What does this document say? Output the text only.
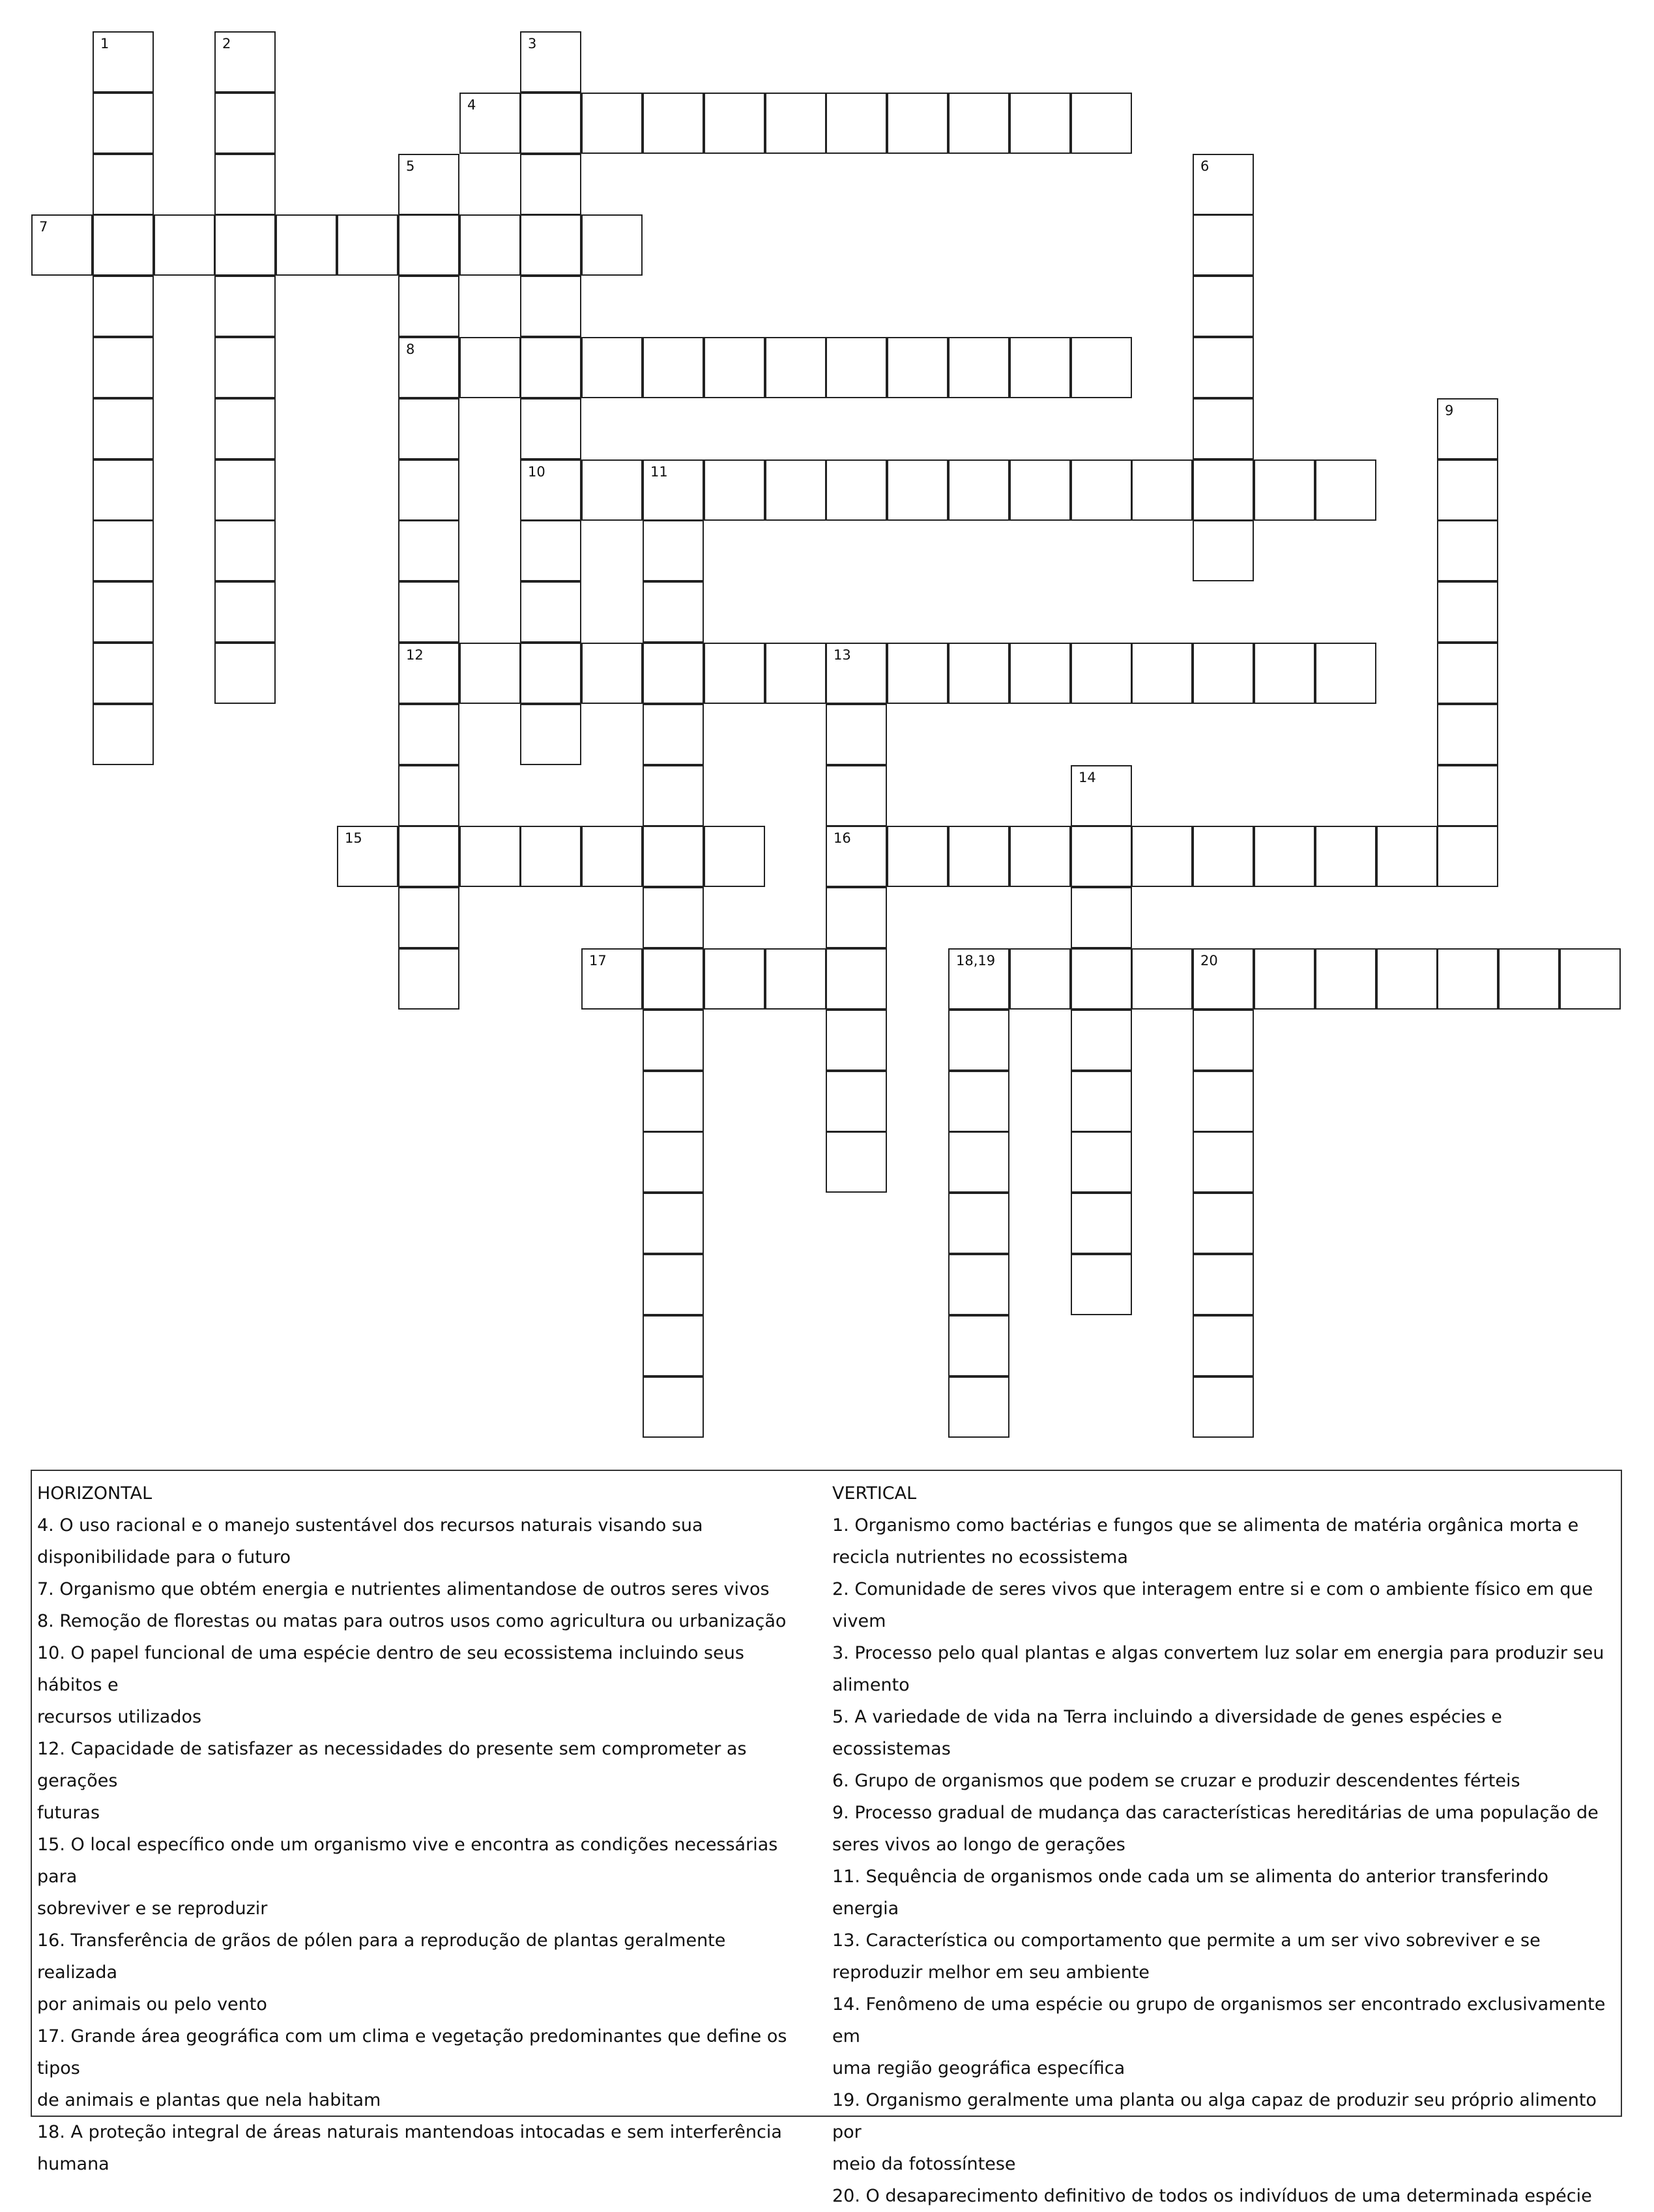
1	2	3
10
4
5
8
12
6
7
9
11
13
16
14
15
17	18,19	20
HORIZONTAL
4. O uso racional e o manejo sustentável dos recursos naturais visando sua
disponibilidade para o futuro
7. Organismo que obtém energia e nutrientes alimentandose de outros seres vivos
8. Remoção de florestas ou matas para outros usos como agricultura ou urbanização
10. O papel funcional de uma espécie dentro de seu ecossistema incluindo seus hábitos e
recursos utilizados
12. Capacidade de satisfazer as necessidades do presente sem comprometer as gerações
futuras
15. O local específico onde um organismo vive e encontra as condições necessárias para
sobreviver e se reproduzir
16. Transferência de grãos de pólen para a reprodução de plantas geralmente realizada
por animais ou pelo vento
17. Grande área geográfica com um clima e vegetação predominantes que define os tipos
de animais e plantas que nela habitam
18. A proteção integral de áreas naturais mantendoas intocadas e sem interferência
humana
VERTICAL
1. Organismo como bactérias e fungos que se alimenta de matéria orgânica morta e
recicla nutrientes no ecossistema
2. Comunidade de seres vivos que interagem entre si e com o ambiente físico em que
vivem
3. Processo pelo qual plantas e algas convertem luz solar em energia para produzir seu
alimento
5. A variedade de vida na Terra incluindo a diversidade de genes espécies e ecossistemas
6. Grupo de organismos que podem se cruzar e produzir descendentes férteis
9. Processo gradual de mudança das características hereditárias de uma população de
seres vivos ao longo de gerações
11. Sequência de organismos onde cada um se alimenta do anterior transferindo energia
13. Característica ou comportamento que permite a um ser vivo sobreviver e se
reproduzir melhor em seu ambiente
14. Fenômeno de uma espécie ou grupo de organismos ser encontrado exclusivamente em
uma região geográfica específica
19. Organismo geralmente uma planta ou alga capaz de produzir seu próprio alimento por
meio da fotossíntese
20. O desaparecimento definitivo de todos os indivíduos de uma determinada espécie
